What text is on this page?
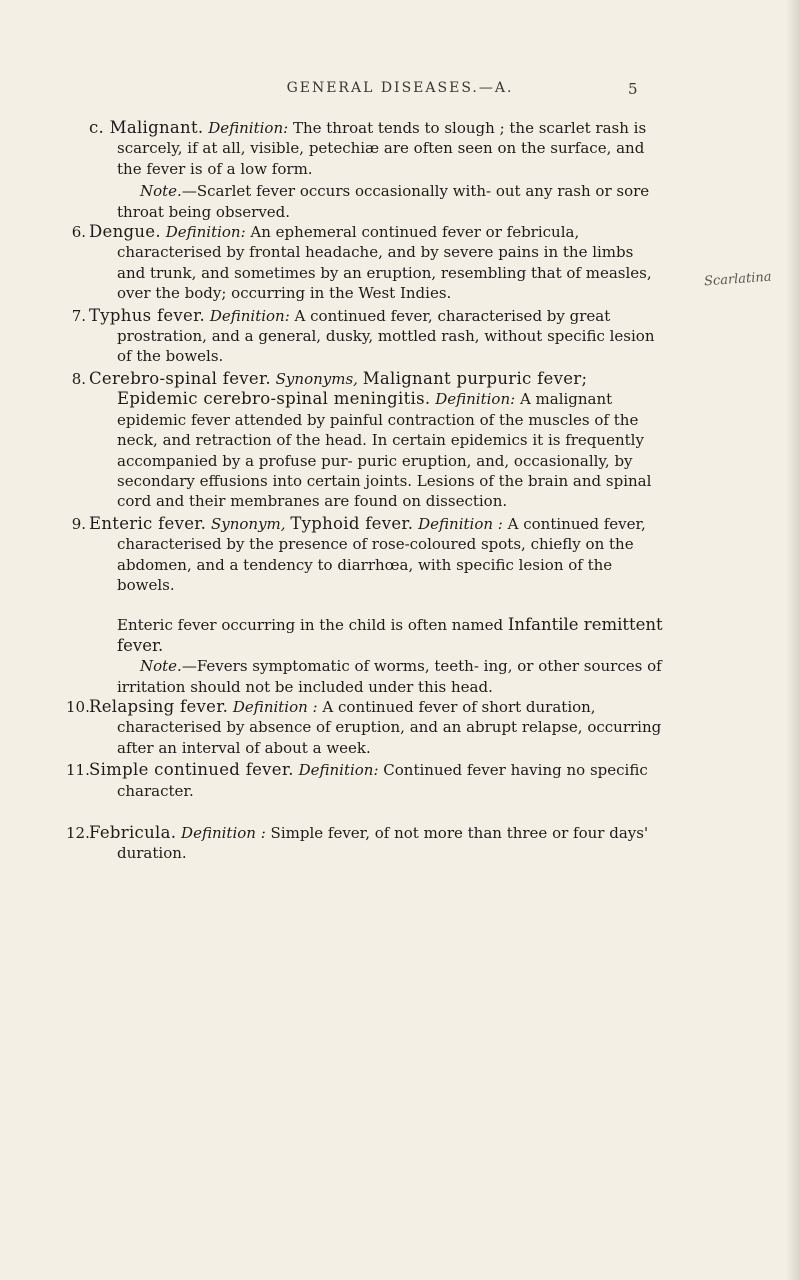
GENERAL DISEASES.—A.	5
Scarlatina
c. Malignant. Definition: The throat tends to slough ; the scarlet rash is scarcely, if at all, visible, petechiæ are often seen on the surface, and the fever is of a low form.
Note.—Scarlet fever occurs occasionally with- out any rash or sore throat being observed.
6. Dengue. Definition: An ephemeral continued fever or febricula, characterised by frontal headache, and by severe pains in the limbs and trunk, and sometimes by an eruption, resembling that of measles, over the body; occurring in the West Indies.
7. Typhus fever. Definition: A continued fever, characterised by great prostration, and a general, dusky, mottled rash, without specific lesion of the bowels.
8. Cerebro-spinal fever. Synonyms, Malignant purpuric fever; Epidemic cerebro-spinal meningitis. Definition: A malignant epidemic fever attended by painful contraction of the muscles of the neck, and retraction of the head. In certain epidemics it is frequently accompanied by a profuse pur- puric eruption, and, occasionally, by secondary effusions into certain joints. Lesions of the brain and spinal cord and their membranes are found on dissection.
9. Enteric fever. Synonym, Typhoid fever. Definition : A continued fever, characterised by the presence of rose-coloured spots, chiefly on the abdomen, and a tendency to diarrhœa, with specific lesion of the bowels.
Enteric fever occurring in the child is often named Infantile remittent fever.
Note.—Fevers symptomatic of worms, teeth- ing, or other sources of irritation should not be included under this head.
10. Relapsing fever. Definition : A continued fever of short duration, characterised by absence of eruption, and an abrupt relapse, occurring after an interval of about a week.
11. Simple continued fever. Definition: Continued fever having no specific character.
12. Febricula. Definition : Simple fever, of not more than three or four days' duration.
